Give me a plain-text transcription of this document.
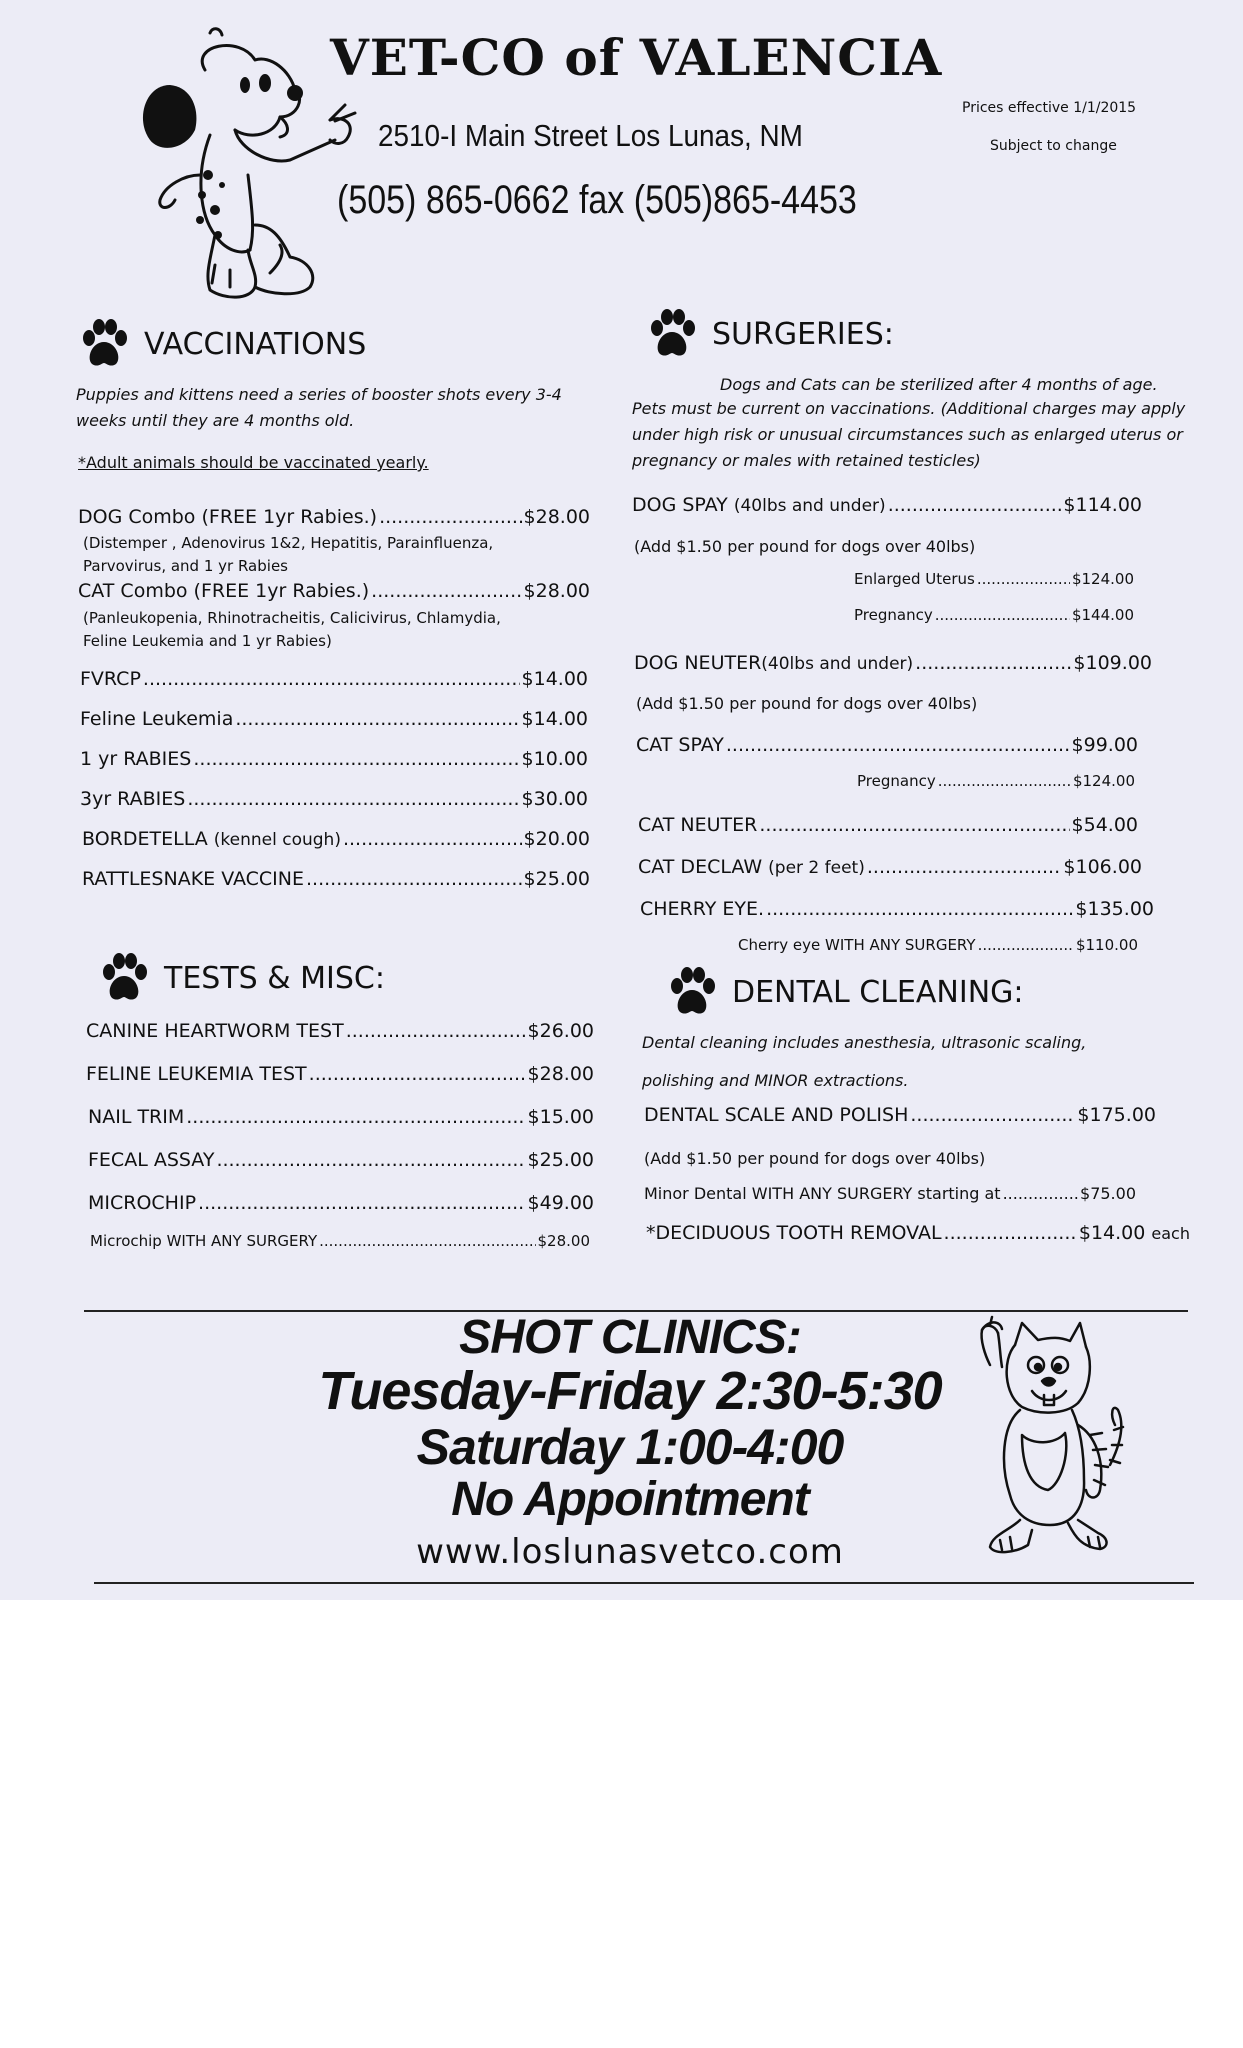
VET-CO of VALENCIA
2510-I Main Street Los Lunas, NM
(505) 865-0662 fax (505)865-4453
Prices effective 1/1/2015
Subject to change
VACCINATIONS
Puppies and kittens need a series of booster shots every 3-4 weeks until they are 4 months old.
*Adult animals should be vaccinated yearly.
DOG Combo (FREE 1yr Rabies.) .....	$28.00
(Distemper , Adenovirus 1&2, Hepatitis, Parainfluenza,
Parvovirus, and 1 yr Rabies
CAT Combo (FREE 1yr Rabies.) .....	$28.00
(Panleukopenia, Rhinotracheitis, Calicivirus, Chlamydia,
Feline Leukemia and 1 yr Rabies)
FVRCP .....	$14.00
Feline Leukemia .....	$14.00
1 yr RABIES .....	$10.00
3yr RABIES .....	$30.00
BORDETELLA
(kennel cough) .....	$20.00
RATTLESNAKE VACCINE .....	$25.00
TESTS & MISC:
CANINE HEARTWORM TEST .....	$26.00
FELINE LEUKEMIA TEST .....	$28.00
NAIL TRIM .....	$15.00
FECAL ASSAY .....	$25.00
MICROCHIP .....	$49.00
Microchip WITH ANY SURGERY .....	$28.00
SURGERIES:
Dogs and Cats can be sterilized after 4 months of age.
Pets must be current on vaccinations. (Additional charges may apply under high risk or unusual circumstances such as enlarged uterus or pregnancy or males with retained testicles)
DOG SPAY
(40lbs and under) .....	$114.00
(Add $1.50 per pound for dogs over 40lbs)
Enlarged Uterus .....	$124.00
Pregnancy .....	$144.00
DOG NEUTER (40lbs and under) .....	$109.00
(Add $1.50 per pound for dogs over 40lbs)
CAT SPAY .....	$99.00
Pregnancy .....	$124.00
CAT NEUTER .....	$54.00
CAT DECLAW
(per 2 feet) .....	$106.00
CHERRY EYE. .....	$135.00
Cherry eye WITH ANY SURGERY .....	$110.00
DENTAL CLEANING:
Dental cleaning includes anesthesia, ultrasonic scaling,
polishing and MINOR extractions.
DENTAL SCALE AND POLISH .....	$175.00
(Add $1.50 per pound for dogs over 40lbs)
Minor Dental WITH ANY SURGERY starting at .....	$75.00
*DECIDUOUS TOOTH REMOVAL .....	$14.00
each
SHOT CLINICS:
Tuesday-Friday 2:30-5:30
Saturday 1:00-4:00
No Appointment
www.loslunasvetco.com
